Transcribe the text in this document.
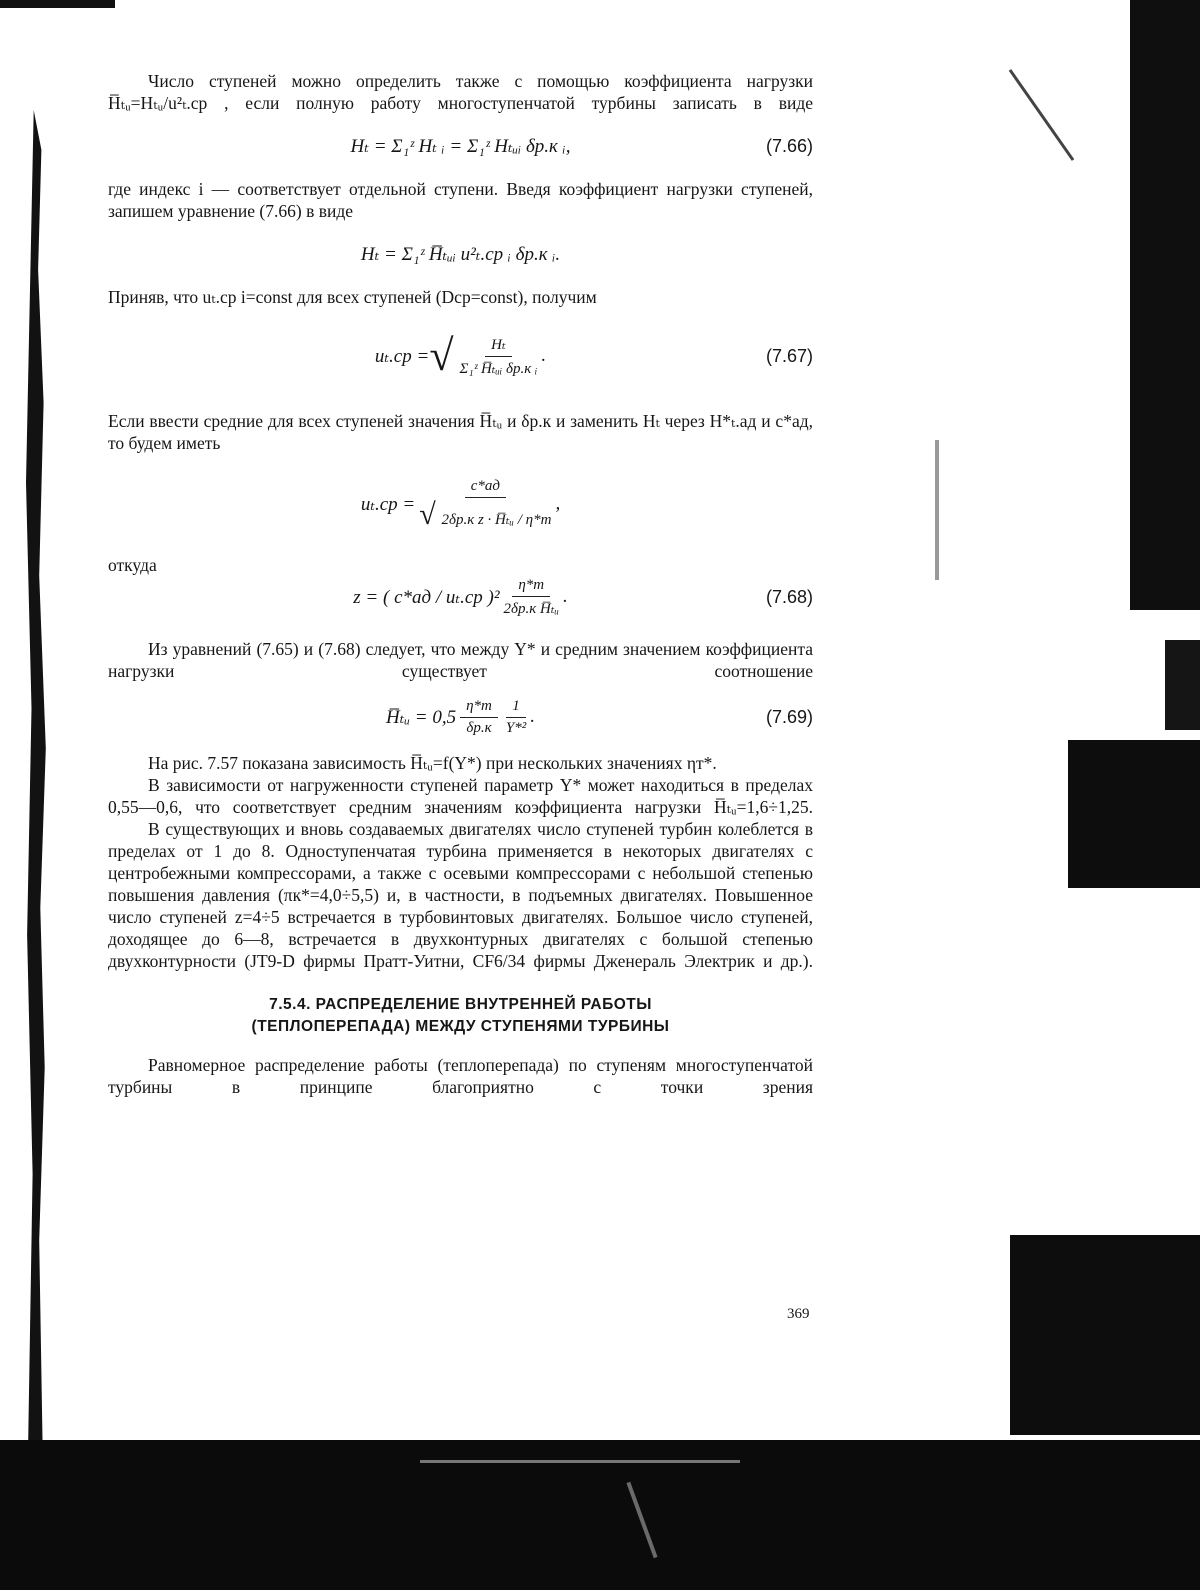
Число ступеней можно определить также с помощью коэффициента нагрузки H̅ₜᵤ=Hₜᵤ/u²ₜ.ср , если полную работу многоступенчатой турбины записать в виде

Hₜ = Σ₁ᶻ Hₜ ᵢ = Σ₁ᶻ Hₜᵤᵢ δр.к ᵢ,	(7.66)

где индекс i — соответствует отдельной ступени. Введя коэффициент нагрузки ступеней, запишем уравнение (7.66) в виде

Hₜ = Σ₁ᶻ H̅ₜᵤᵢ u²ₜ.ср ᵢ δр.к ᵢ.

Приняв, что uₜ.ср i=const для всех ступеней (Dср=const), получим

uₜ.ср = √ $\frac{\text{Hₜ}}{\text{Σ₁ᶻ H̅ₜᵤᵢ δр.к ᵢ}}$ .	(7.67)

Если ввести средние для всех ступеней значения H̅ₜᵤ и δр.к и заменить Hₜ через H*ₜ.ад и c*ад, то будем иметь

$u_t.ср = \frac{c*ад}{\text{√ 2δр.к z · H̅ₜᵤ / η*т}}$ ,

откуда

z = ( c*ад / uₜ.ср )$^2 \frac{\eta*т}{\text{2δр.к H̅ₜᵤ}}$ .	(7.68)

Из уравнений (7.65) и (7.68) следует, что между Y* и средним значением коэффициента нагрузки существует соотношение

H̅ₜᵤ = $0,5 \frac{\eta*т}{\delta р.к} \frac{1}{\text{Y*²}}$ .	(7.69)

На рис. 7.57 показана зависимость H̅ₜᵤ=f(Y*) при нескольких значениях ηт*.

В зависимости от нагруженности ступеней параметр Y* может находиться в пределах 0,55—0,6, что соответствует средним значениям коэффициента нагрузки H̅ₜᵤ=1,6÷1,25.

В существующих и вновь создаваемых двигателях число ступеней турбин колеблется в пределах от 1 до 8. Одноступенчатая турбина применяется в некоторых двигателях с центробежными компрессорами, а также с осевыми компрессорами с небольшой степенью повышения давления (πк*=4,0÷5,5) и, в частности, в подъемных двигателях. Повышенное число ступеней z=4÷5 встречается в турбовинтовых двигателях. Большое число ступеней, доходящее до 6—8, встречается в двухконтурных двигателях с большой степенью двухконтурности (JT9-D фирмы Пратт-Уитни, CF6/34 фирмы Дженераль Электрик и др.).

7.5.4. РАСПРЕДЕЛЕНИЕ ВНУТРЕННЕЙ РАБОТЫ
(ТЕПЛОПЕРЕПАДА) МЕЖДУ СТУПЕНЯМИ ТУРБИНЫ

Равномерное распределение работы (теплоперепада) по ступеням многоступенчатой турбины в принципе благоприятно с точки зрения

369
